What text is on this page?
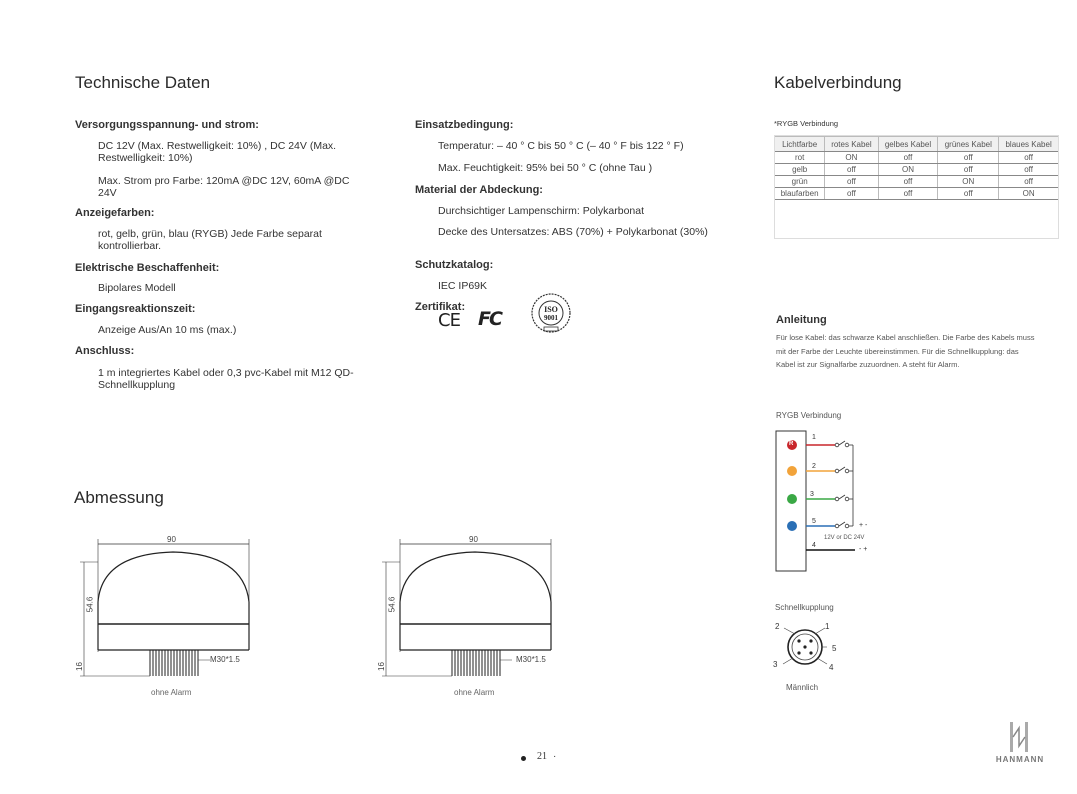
Technische Daten
Versorgungsspannung- und strom:
DC 12V (Max. Restwelligkeit: 10%) , DC 24V (Max. Restwelligkeit: 10%)
Max. Strom pro Farbe: 120mA @DC 12V, 60mA @DC 24V
Anzeigefarben:
rot, gelb, grün, blau (RYGB) Jede Farbe separat kontrollierbar.
Elektrische Beschaffenheit:
Bipolares Modell
Eingangsreaktionszeit:
Anzeige Aus/An 10 ms (max.)
Anschluss:
1 m integriertes Kabel oder 0,3 pvc-Kabel mit M12 QD-Schnellkupplung
Einsatzbedingung:
Temperatur: – 40 ° C bis 50 ° C (– 40 ° F bis 122 ° F)
Max. Feuchtigkeit: 95% bei 50 ° C (ohne Tau )
Material der Abdeckung:
Durchsichtiger Lampenschirm: Polykarbonat
Decke des Untersatzes: ABS (70%) + Polykarbonat (30%)
Schutzkatalog:
IEC IP69K
Zertifikat:
CE FC	ISO
9001
Abmessung
90
54.6
16
M30*1.5
ohne Alarm
90
54.6
16
M30*1.5
ohne Alarm
21 ·
Kabelverbindung
*RYGB Verbindung
Lichtfarbe	rotes Kabel	gelbes Kabel	grünes Kabel	blaues Kabel
rot	ON	off	off	off
gelb	off	ON	off	off
grün	off	off	ON	off
blaufarben	off	off	off	ON
Anleitung
Für lose Kabel: das schwarze Kabel anschließen. Die Farbe des Kabels muss mit der Farbe der Leuchte übereinstimmen. Für die Schnellkupplung: das Kabel ist zur Signalfarbe zuzuordnen. A steht für Alarm.
RYGB Verbindung
R
1
2
3
5
4
+ -
12V or DC 24V
- +
Schnellkupplung
2	1
5
3	4
Männlich
HANMANN
